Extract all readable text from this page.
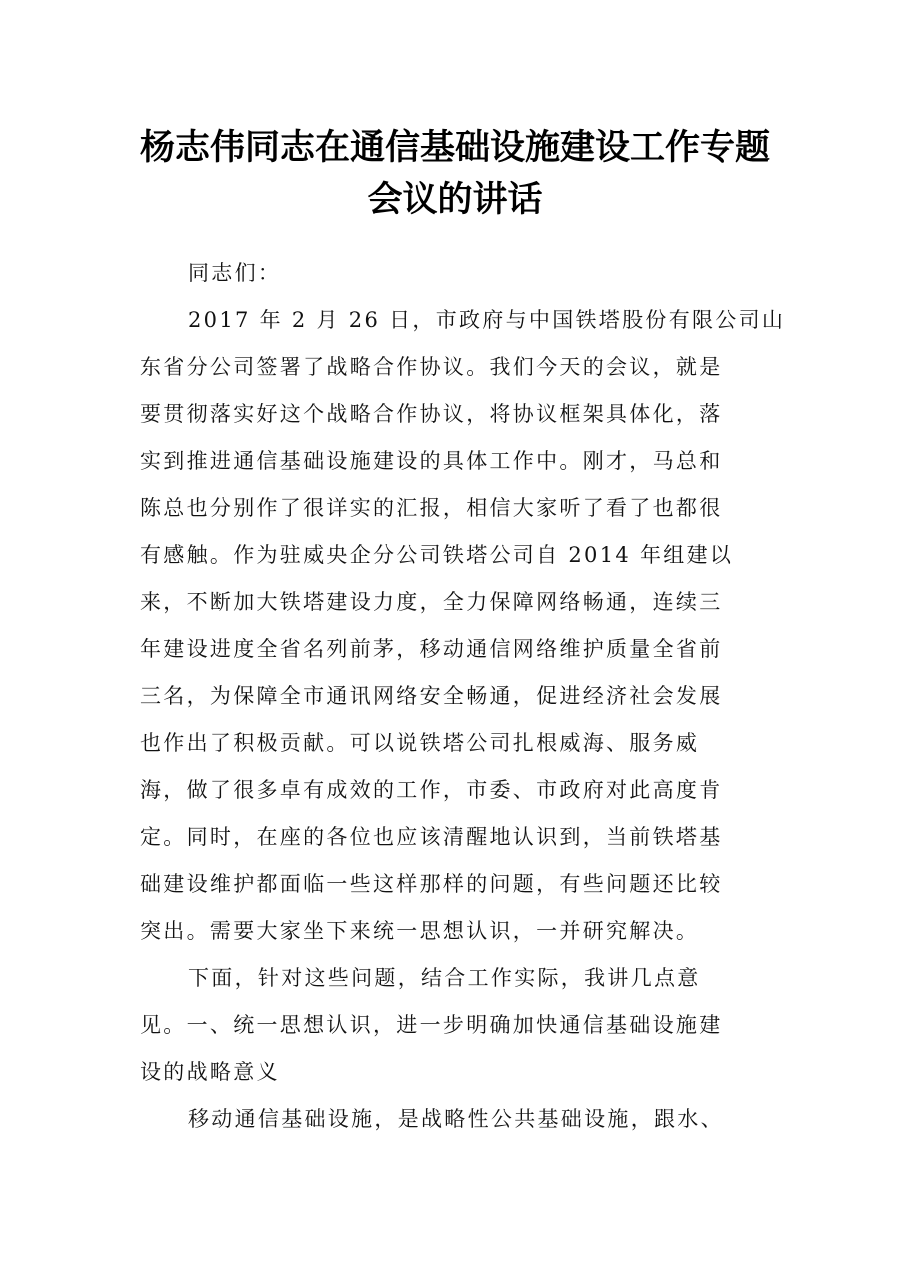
杨志伟同志在通信基础设施建设工作专题
会议的讲话

同志们：

2017 年 2 月 26 日，市政府与中国铁塔股份有限公司山
东省分公司签署了战略合作协议。我们今天的会议，就是
要贯彻落实好这个战略合作协议，将协议框架具体化，落
实到推进通信基础设施建设的具体工作中。刚才，马总和
陈总也分别作了很详实的汇报，相信大家听了看了也都很
有感触。作为驻威央企分公司铁塔公司自 2014 年组建以
来，不断加大铁塔建设力度，全力保障网络畅通，连续三
年建设进度全省名列前茅，移动通信网络维护质量全省前
三名，为保障全市通讯网络安全畅通，促进经济社会发展
也作出了积极贡献。可以说铁塔公司扎根威海、服务威
海，做了很多卓有成效的工作，市委、市政府对此高度肯
定。同时，在座的各位也应该清醒地认识到，当前铁塔基
础建设维护都面临一些这样那样的问题，有些问题还比较
突出。需要大家坐下来统一思想认识，一并研究解决。

下面，针对这些问题，结合工作实际，我讲几点意
见。一、统一思想认识，进一步明确加快通信基础设施建
设的战略意义

移动通信基础设施，是战略性公共基础设施，跟水、
